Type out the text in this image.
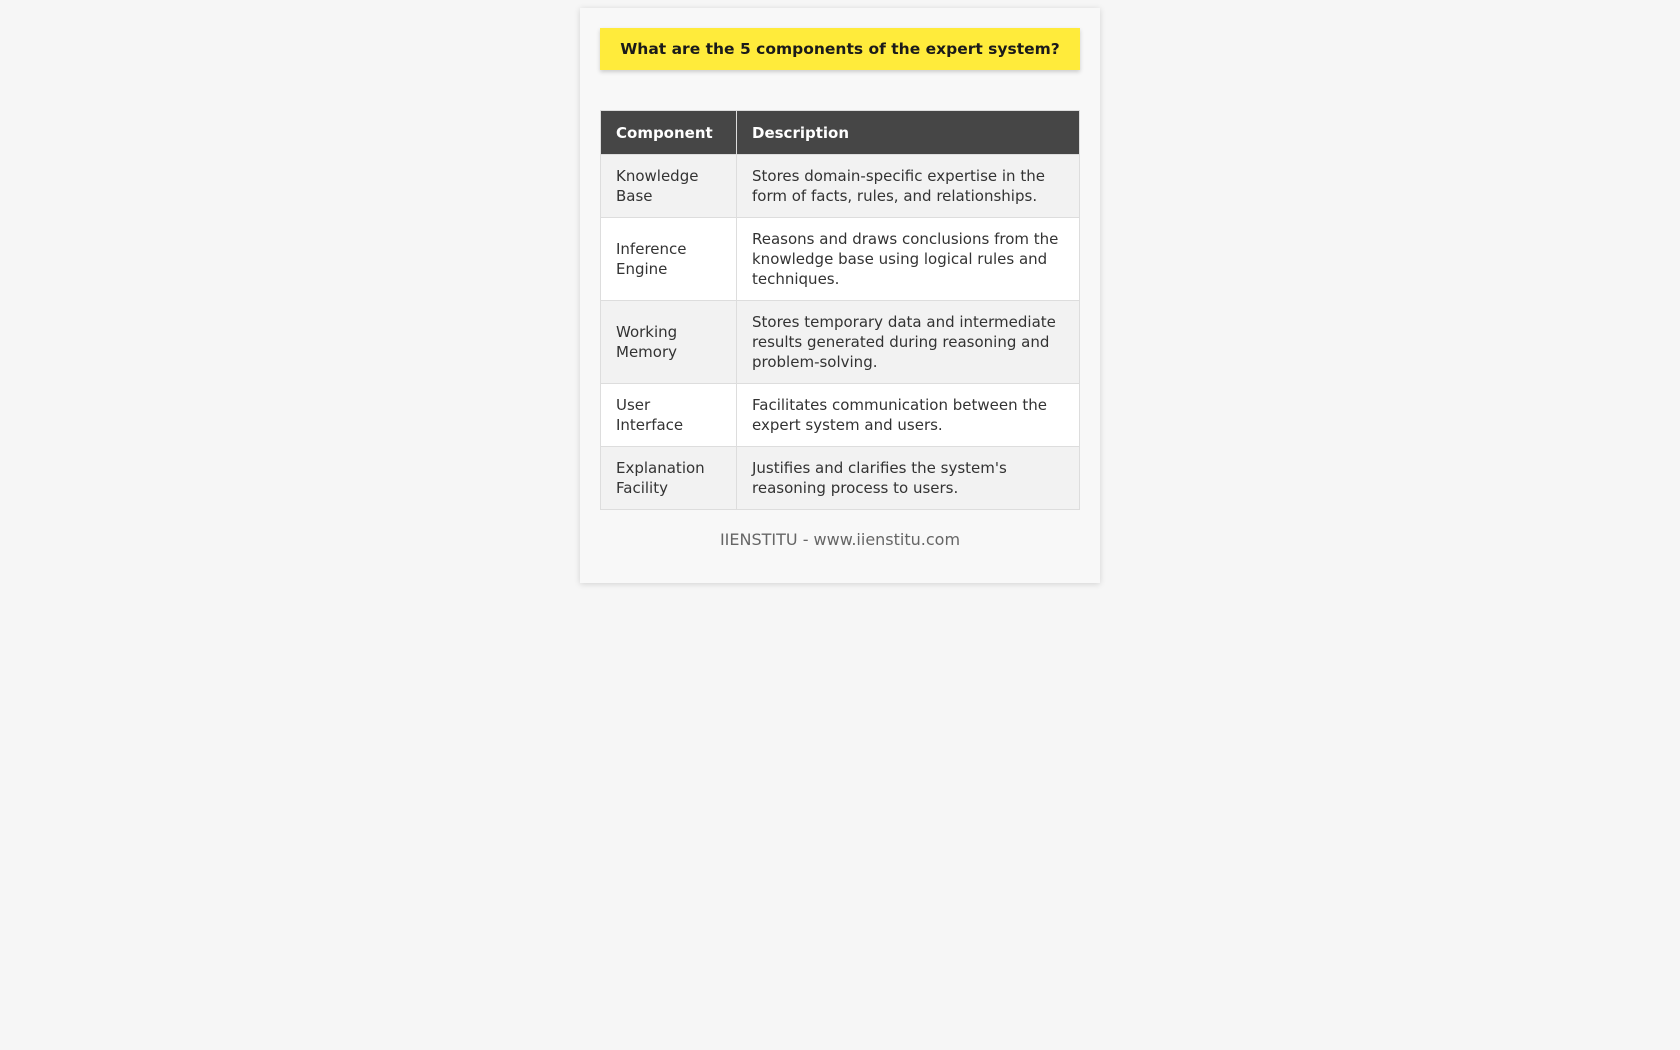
What are the 5 components of the expert system?
Component	Description
Knowledge Base	Stores domain-specific expertise in the form of facts, rules, and relationships.
Inference Engine	Reasons and draws conclusions from the knowledge base using logical rules and techniques.
Working Memory	Stores temporary data and intermediate results generated during reasoning and problem-solving.
User Interface	Facilitates communication between the expert system and users.
Explanation Facility	Justifies and clarifies the system's reasoning process to users.
IIENSTITU - www.iienstitu.com
